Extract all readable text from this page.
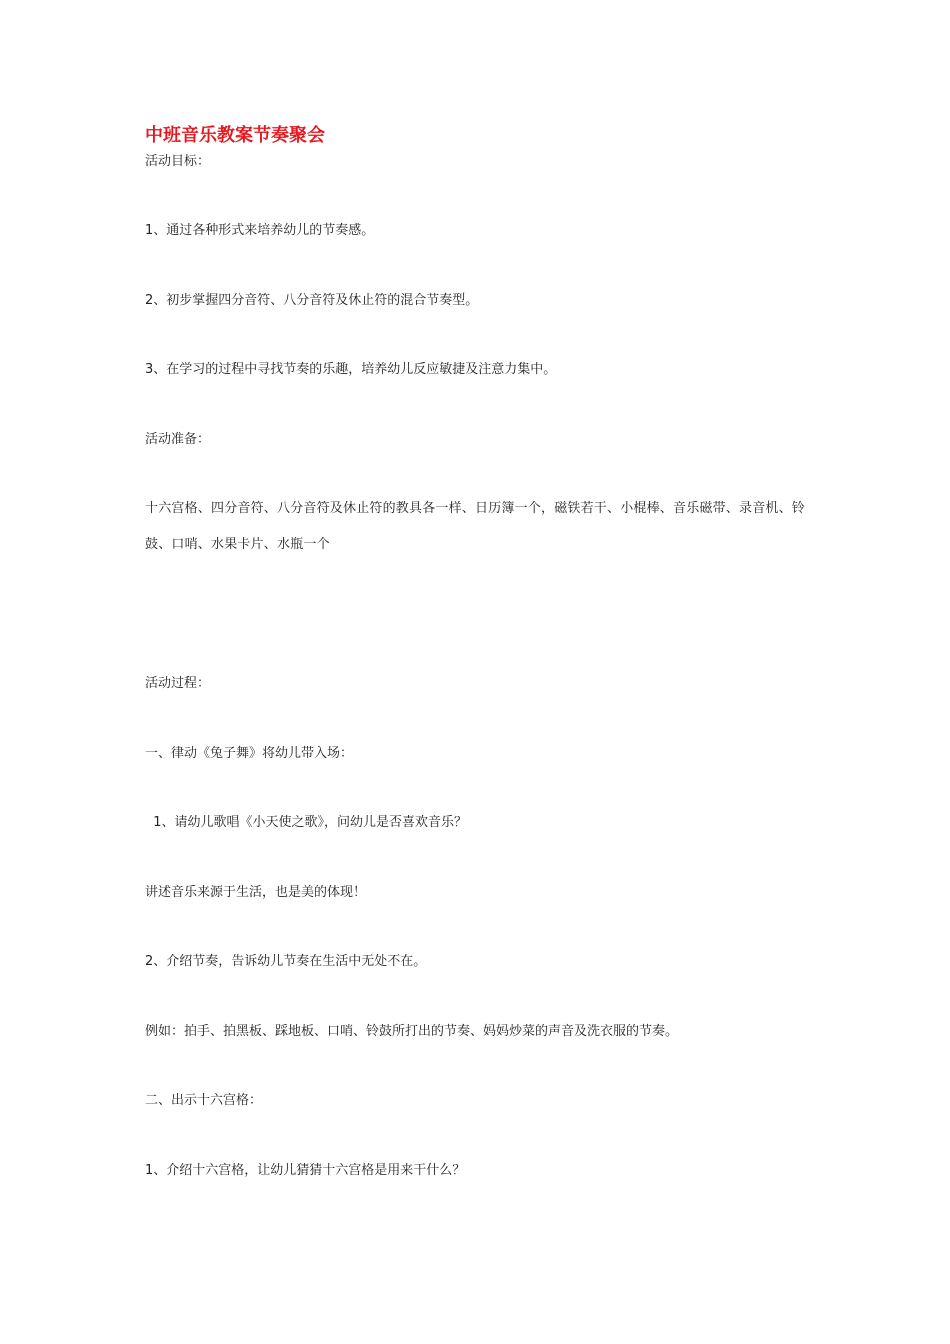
中班音乐教案节奏聚会
活动目标：
1、通过各种形式来培养幼儿的节奏感。
2、初步掌握四分音符、八分音符及休止符的混合节奏型。
3、在学习的过程中寻找节奏的乐趣，培养幼儿反应敏捷及注意力集中。
活动准备：
十六宫格、四分音符、八分音符及休止符的教具各一样、日历簿一个，磁铁若干、小棍棒、音乐磁带、录音机、铃鼓、口哨、水果卡片、水瓶一个
活动过程：
一、律动《兔子舞》将幼儿带入场：
1、请幼儿歌唱《小天使之歌》，问幼儿是否喜欢音乐？
讲述音乐来源于生活，也是美的体现！
2、介绍节奏，告诉幼儿节奏在生活中无处不在。
例如：拍手、拍黑板、踩地板、口哨、铃鼓所打出的节奏、妈妈炒菜的声音及洗衣服的节奏。
二、出示十六宫格：
1、介绍十六宫格，让幼儿猜猜十六宫格是用来干什么？
